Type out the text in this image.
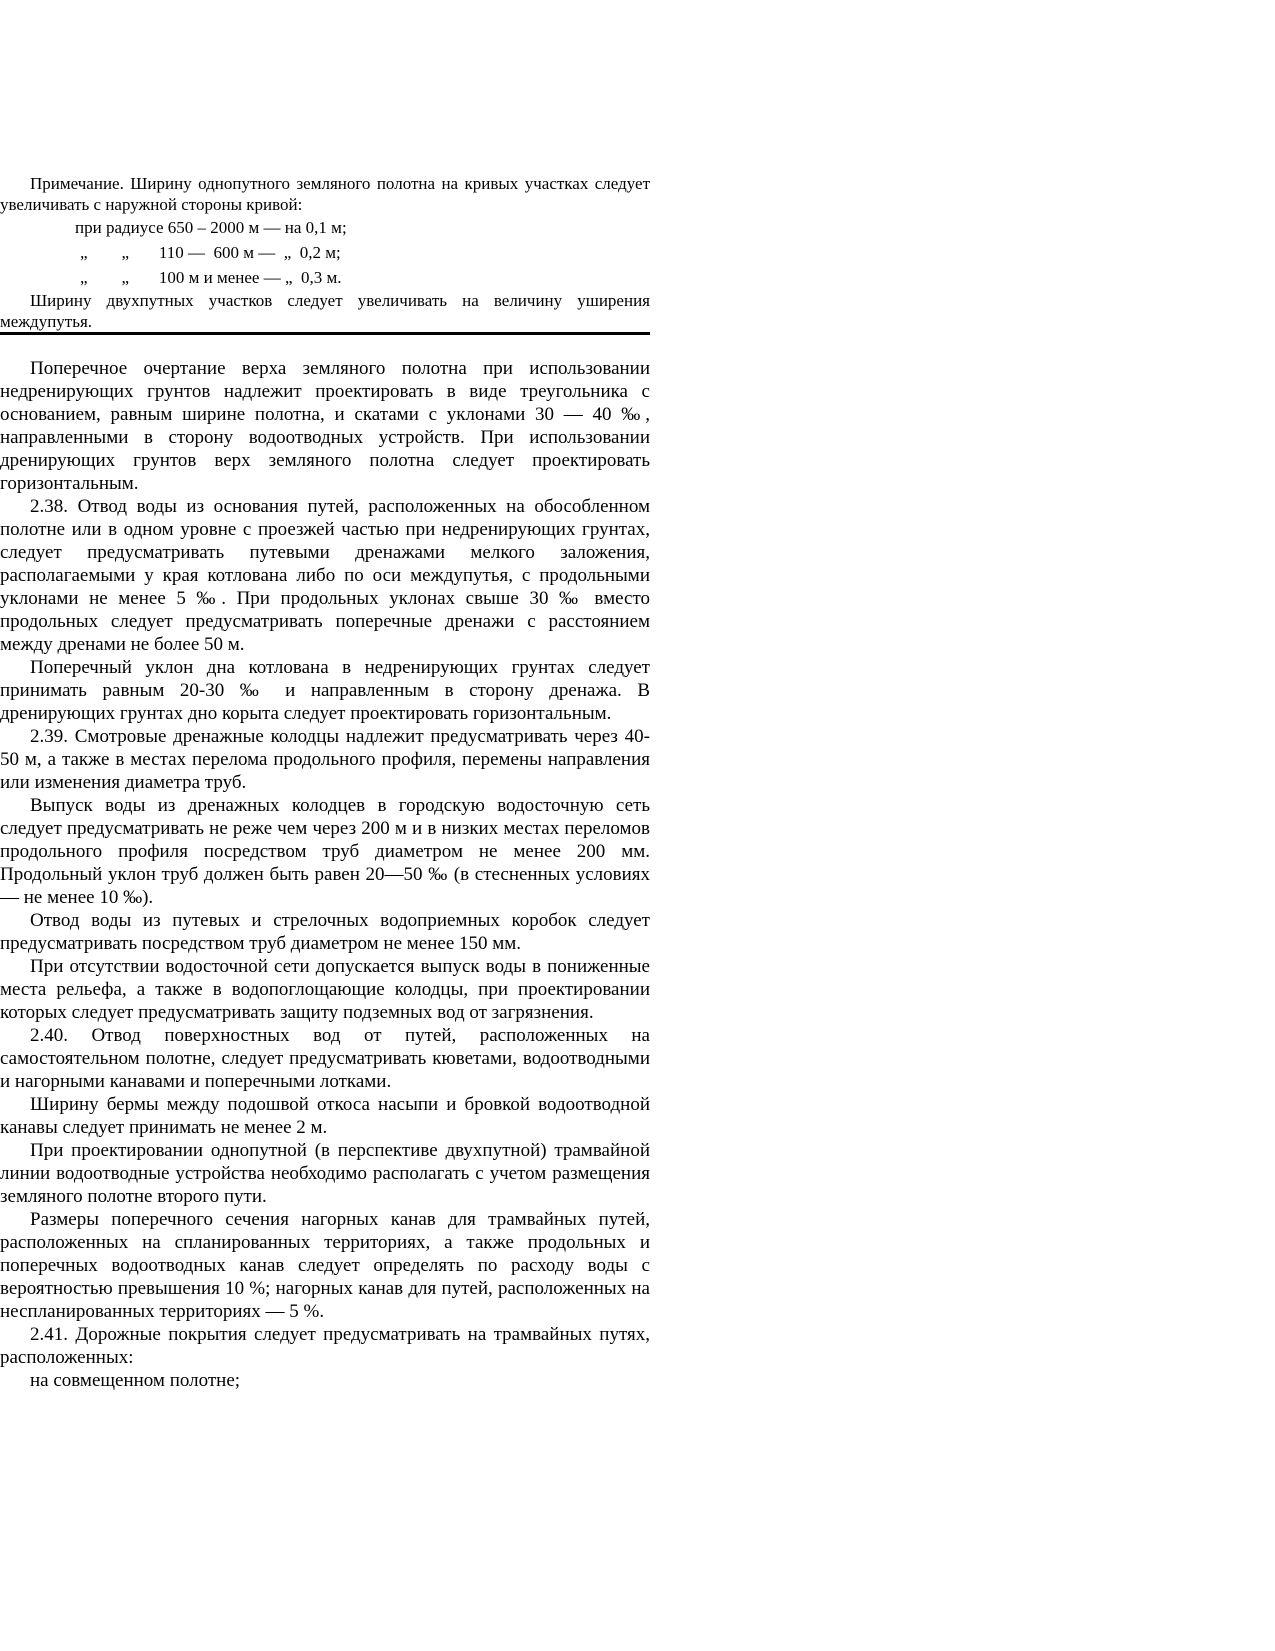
Примечание. Ширину однопутного земляного полотна на кривых участках следует увеличивать с наружной стороны кривой:

при радиусе 650 – 2000 м — на 0,1 м;

„        „       110 —  600 м —  „  0,2 м;

„        „       100 м и менее — „  0,3 м.

Ширину двухпутных участков следует увеличивать на величину уширения междупутья.

Поперечное очертание верха земляного полотна при использовании недренирующих грунтов надлежит проектировать в виде треугольника с основанием, равным ширине полотна, и скатами с уклонами 30 — 40 ‰, направленными в сторону водоотводных устройств. При использовании дренирующих грунтов верх земляного полотна следует проектировать горизонтальным.

2.38. Отвод воды из основания путей, расположенных на обособленном полотне или в одном уровне с проезжей частью при недренирующих грунтах, следует предусматривать путевыми дренажами мелкого заложения, располагаемыми у края котлована либо по оси междупутья, с продольными уклонами не менее 5 ‰. При продольных уклонах свыше 30 ‰ вместо продольных следует предусматривать поперечные дренажи с расстоянием между дренами не более 50 м.

Поперечный уклон дна котлована в недренирующих грунтах следует принимать равным 20-30 ‰ и направленным в сторону дренажа. В дренирующих грунтах дно корыта следует проектировать горизонтальным.

2.39. Смотровые дренажные колодцы надлежит предусматривать через 40-50 м, а также в местах перелома продольного профиля, перемены направления или изменения диаметра труб.

Выпуск воды из дренажных колодцев в городскую водосточную сеть следует предусматривать не реже чем через 200 м и в низких местах переломов продольного профиля посредством труб диаметром не менее 200 мм. Продольный уклон труб должен быть равен 20—50 ‰ (в стесненных условиях — не менее 10 ‰).

Отвод воды из путевых и стрелочных водоприемных коробок следует предусматривать посредством труб диаметром не менее 150 мм.

При отсутствии водосточной сети допускается выпуск воды в пониженные места рельефа, а также в водопоглощающие колодцы, при проектировании которых следует предусматривать защиту подземных вод от загрязнения.

2.40. Отвод поверхностных вод от путей, расположенных на самостоятельном полотне, следует предусматривать кюветами, водоотводными и нагорными канавами и поперечными лотками.

Ширину бермы между подошвой откоса насыпи и бровкой водоотводной канавы следует принимать не менее 2 м.

При проектировании однопутной (в перспективе двухпутной) трамвайной линии водоотводные устройства необходимо располагать с учетом размещения земляного полотне второго пути.

Размеры поперечного сечения нагорных канав для трамвайных путей, расположенных на спланированных территориях, а также продольных и поперечных водоотводных канав следует определять по расходу воды с вероятностью превышения 10 %; нагорных канав для путей, расположенных на неспланированных территориях — 5 %.

2.41. Дорожные покрытия следует предусматривать на трамвайных путях, расположенных:

на совмещенном полотне;
